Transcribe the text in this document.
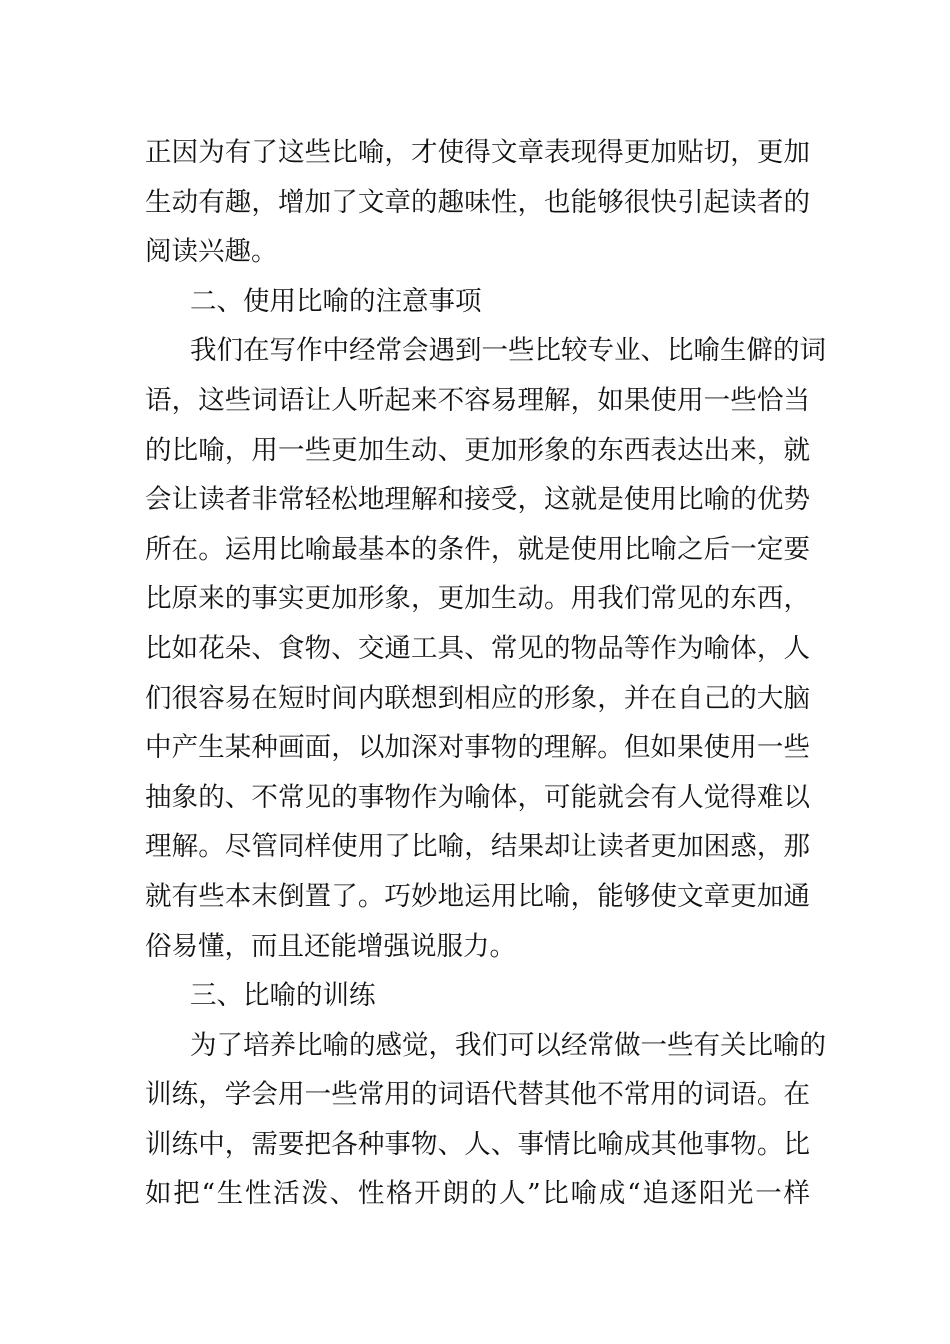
正因为有了这些比喻，才使得文章表现得更加贴切，更加
生动有趣，增加了文章的趣味性，也能够很快引起读者的
阅读兴趣。
二、使用比喻的注意事项
我们在写作中经常会遇到一些比较专业、比喻生僻的词
语，这些词语让人听起来不容易理解，如果使用一些恰当
的比喻，用一些更加生动、更加形象的东西表达出来，就
会让读者非常轻松地理解和接受，这就是使用比喻的优势
所在。运用比喻最基本的条件，就是使用比喻之后一定要
比原来的事实更加形象，更加生动。用我们常见的东西，
比如花朵、食物、交通工具、常见的物品等作为喻体，人
们很容易在短时间内联想到相应的形象，并在自己的大脑
中产生某种画面，以加深对事物的理解。但如果使用一些
抽象的、不常见的事物作为喻体，可能就会有人觉得难以
理解。尽管同样使用了比喻，结果却让读者更加困惑，那
就有些本末倒置了。巧妙地运用比喻，能够使文章更加通
俗易懂，而且还能增强说服力。
三、比喻的训练
为了培养比喻的感觉，我们可以经常做一些有关比喻的
训练，学会用一些常用的词语代替其他不常用的词语。在
训练中，需要把各种事物、人、事情比喻成其他事物。比
如把“生性活泼、性格开朗的人”比喻成“追逐阳光一样
